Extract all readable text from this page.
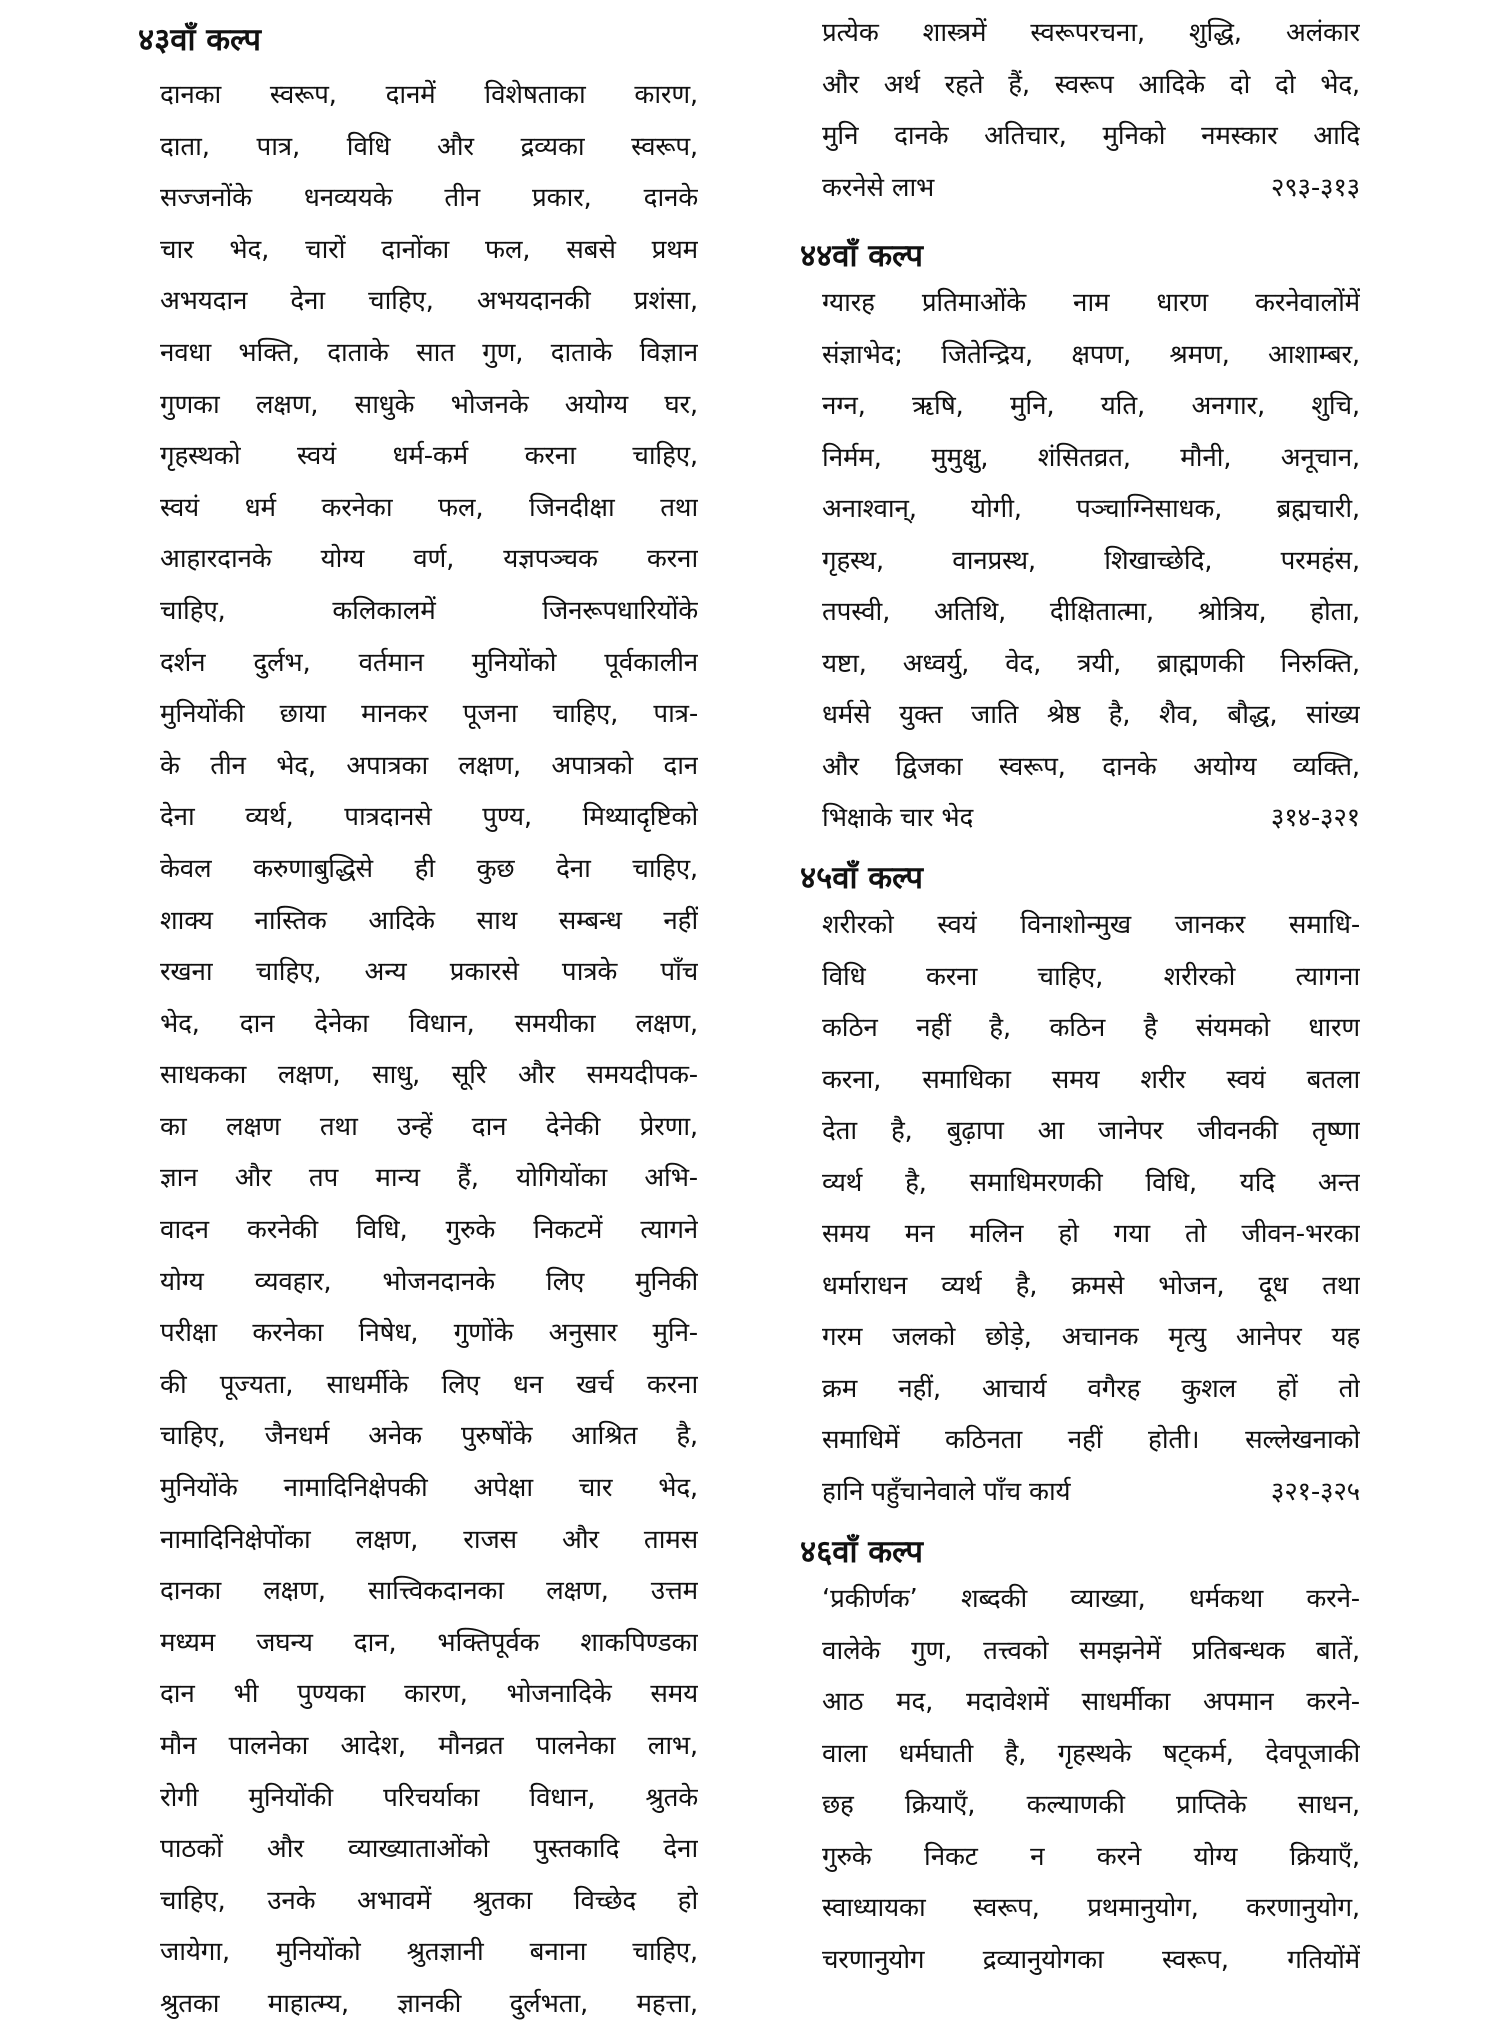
४३वाँ कल्प
दानका स्वरूप, दानमें विशेषताका कारण,
दाता, पात्र, विधि और द्रव्यका स्वरूप,
सज्जनोंके धनव्ययके तीन प्रकार, दानके
चार भेद, चारों दानोंका फल, सबसे प्रथम
अभयदान देना चाहिए, अभयदानकी प्रशंसा,
नवधा भक्ति, दाताके सात गुण, दाताके विज्ञान
गुणका लक्षण, साधुके भोजनके अयोग्य घर,
गृहस्थको स्वयं धर्म-कर्म करना चाहिए,
स्वयं धर्म करनेका फल, जिनदीक्षा तथा
आहारदानके योग्य वर्ण, यज्ञपञ्चक करना
चाहिए, कलिकालमें जिनरूपधारियोंके
दर्शन दुर्लभ, वर्तमान मुनियोंको पूर्वकालीन
मुनियोंकी छाया मानकर पूजना चाहिए, पात्र-
के तीन भेद, अपात्रका लक्षण, अपात्रको दान
देना व्यर्थ, पात्रदानसे पुण्य, मिथ्यादृष्टिको
केवल करुणाबुद्धिसे ही कुछ देना चाहिए,
शाक्य नास्तिक आदिके साथ सम्बन्ध नहीं
रखना चाहिए, अन्य प्रकारसे पात्रके पाँच
भेद, दान देनेका विधान, समयीका लक्षण,
साधकका लक्षण, साधु, सूरि और समयदीपक-
का लक्षण तथा उन्हें दान देनेकी प्रेरणा,
ज्ञान और तप मान्य हैं, योगियोंका अभि-
वादन करनेकी विधि, गुरुके निकटमें त्यागने
योग्य व्यवहार, भोजनदानके लिए मुनिकी
परीक्षा करनेका निषेध, गुणोंके अनुसार मुनि-
की पूज्यता, साधर्मीके लिए धन खर्च करना
चाहिए, जैनधर्म अनेक पुरुषोंके आश्रित है,
मुनियोंके नामादिनिक्षेपकी अपेक्षा चार भेद,
नामादिनिक्षेपोंका लक्षण, राजस और तामस
दानका लक्षण, सात्त्विकदानका लक्षण, उत्तम
मध्यम जघन्य दान, भक्तिपूर्वक शाकपिण्डका
दान भी पुण्यका कारण, भोजनादिके समय
मौन पालनेका आदेश, मौनव्रत पालनेका लाभ,
रोगी मुनियोंकी परिचर्याका विधान, श्रुतके
पाठकों और व्याख्याताओंको पुस्तकादि देना
चाहिए, उनके अभावमें श्रुतका विच्छेद हो
जायेगा, मुनियोंको श्रुतज्ञानी बनाना चाहिए,
श्रुतका माहात्म्य, ज्ञानकी दुर्लभता, महत्ता,
प्रत्येक शास्त्रमें स्वरूपरचना, शुद्धि, अलंकार
और अर्थ रहते हैं, स्वरूप आदिके दो दो भेद,
मुनि दानके अतिचार, मुनिको नमस्कार आदि
करनेसे लाभ	२९३-३१३
४४वाँ कल्प
ग्यारह प्रतिमाओंके नाम धारण करनेवालोंमें
संज्ञाभेद; जितेन्द्रिय, क्षपण, श्रमण, आशाम्बर,
नग्न, ऋषि, मुनि, यति, अनगार, शुचि,
निर्मम, मुमुक्षु, शंसितव्रत, मौनी, अनूचान,
अनाश्वान्, योगी, पञ्चाग्निसाधक, ब्रह्मचारी,
गृहस्थ, वानप्रस्थ, शिखाच्छेदि, परमहंस,
तपस्वी, अतिथि, दीक्षितात्मा, श्रोत्रिय, होता,
यष्टा, अध्वर्यु, वेद, त्रयी, ब्राह्मणकी निरुक्ति,
धर्मसे युक्त जाति श्रेष्ठ है, शैव, बौद्ध, सांख्य
और द्विजका स्वरूप, दानके अयोग्य व्यक्ति,
भिक्षाके चार भेद	३१४-३२१
४५वाँ कल्प
शरीरको स्वयं विनाशोन्मुख जानकर समाधि-
विधि करना चाहिए, शरीरको त्यागना
कठिन नहीं है, कठिन है संयमको धारण
करना, समाधिका समय शरीर स्वयं बतला
देता है, बुढ़ापा आ जानेपर जीवनकी तृष्णा
व्यर्थ है, समाधिमरणकी विधि, यदि अन्त
समय मन मलिन हो गया तो जीवन-भरका
धर्माराधन व्यर्थ है, क्रमसे भोजन, दूध तथा
गरम जलको छोड़े, अचानक मृत्यु आनेपर यह
क्रम नहीं, आचार्य वगैरह कुशल हों तो
समाधिमें कठिनता नहीं होती। सल्लेखनाको
हानि पहुँचानेवाले पाँच कार्य	३२१-३२५
४६वाँ कल्प
‘प्रकीर्णक’ शब्दकी व्याख्या, धर्मकथा करने-
वालेके गुण, तत्त्वको समझनेमें प्रतिबन्धक बातें,
आठ मद, मदावेशमें साधर्मीका अपमान करने-
वाला धर्मघाती है, गृहस्थके षट्कर्म, देवपूजाकी
छह क्रियाएँ, कल्याणकी प्राप्तिके साधन,
गुरुके निकट न करने योग्य क्रियाएँ,
स्वाध्यायका स्वरूप, प्रथमानुयोग, करणानुयोग,
चरणानुयोग द्रव्यानुयोगका स्वरूप, गतियोंमें
